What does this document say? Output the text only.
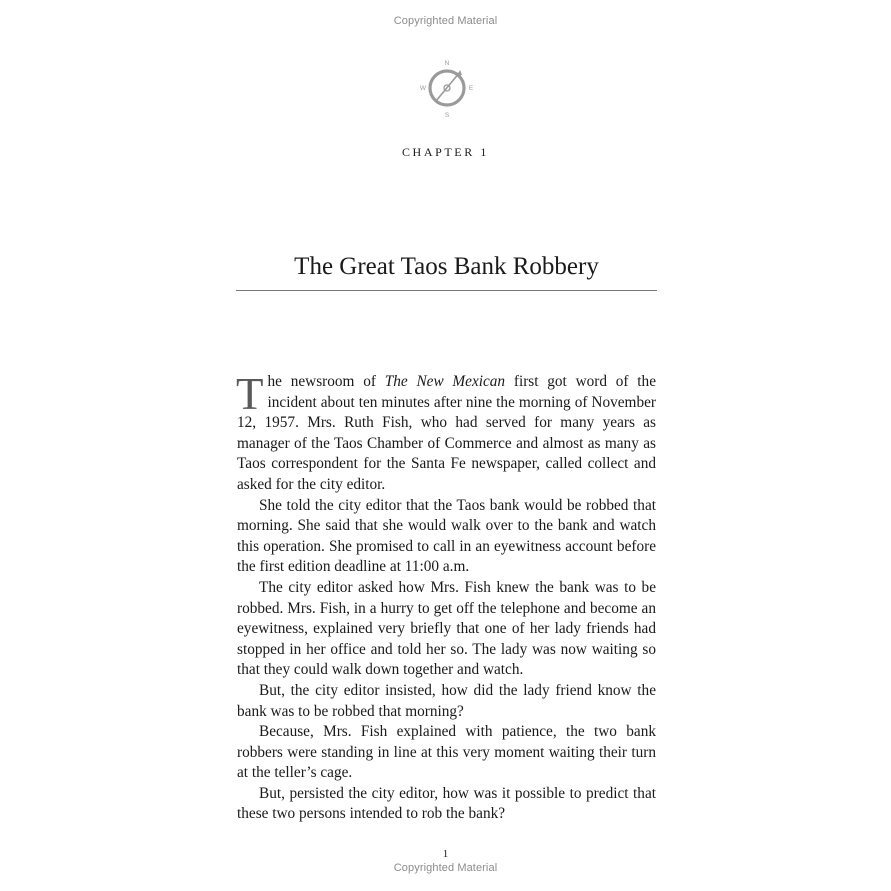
Copyrighted Material
N
S
E
W
CHAPTER 1
The Great Taos Bank Robbery

The newsroom of The New Mexican first got word of the incident about ten minutes after nine the morning of November 12, 1957. Mrs. Ruth Fish, who had served for many years as manager of the Taos Chamber of Commerce and almost as many as Taos correspondent for the Santa Fe newspaper, called collect and asked for the city editor.

She told the city editor that the Taos bank would be robbed that morning. She said that she would walk over to the bank and watch this operation. She promised to call in an eyewitness account before the first edition deadline at 11:00 a.m.

The city editor asked how Mrs. Fish knew the bank was to be robbed. Mrs. Fish, in a hurry to get off the telephone and become an eyewitness, explained very briefly that one of her lady friends had stopped in her office and told her so. The lady was now waiting so that they could walk down together and watch.

But, the city editor insisted, how did the lady friend know the bank was to be robbed that morning?

Because, Mrs. Fish explained with patience, the two bank robbers were standing in line at this very moment waiting their turn at the teller’s cage.

But, persisted the city editor, how was it possible to predict that these two persons intended to rob the bank?

1
Copyrighted Material
